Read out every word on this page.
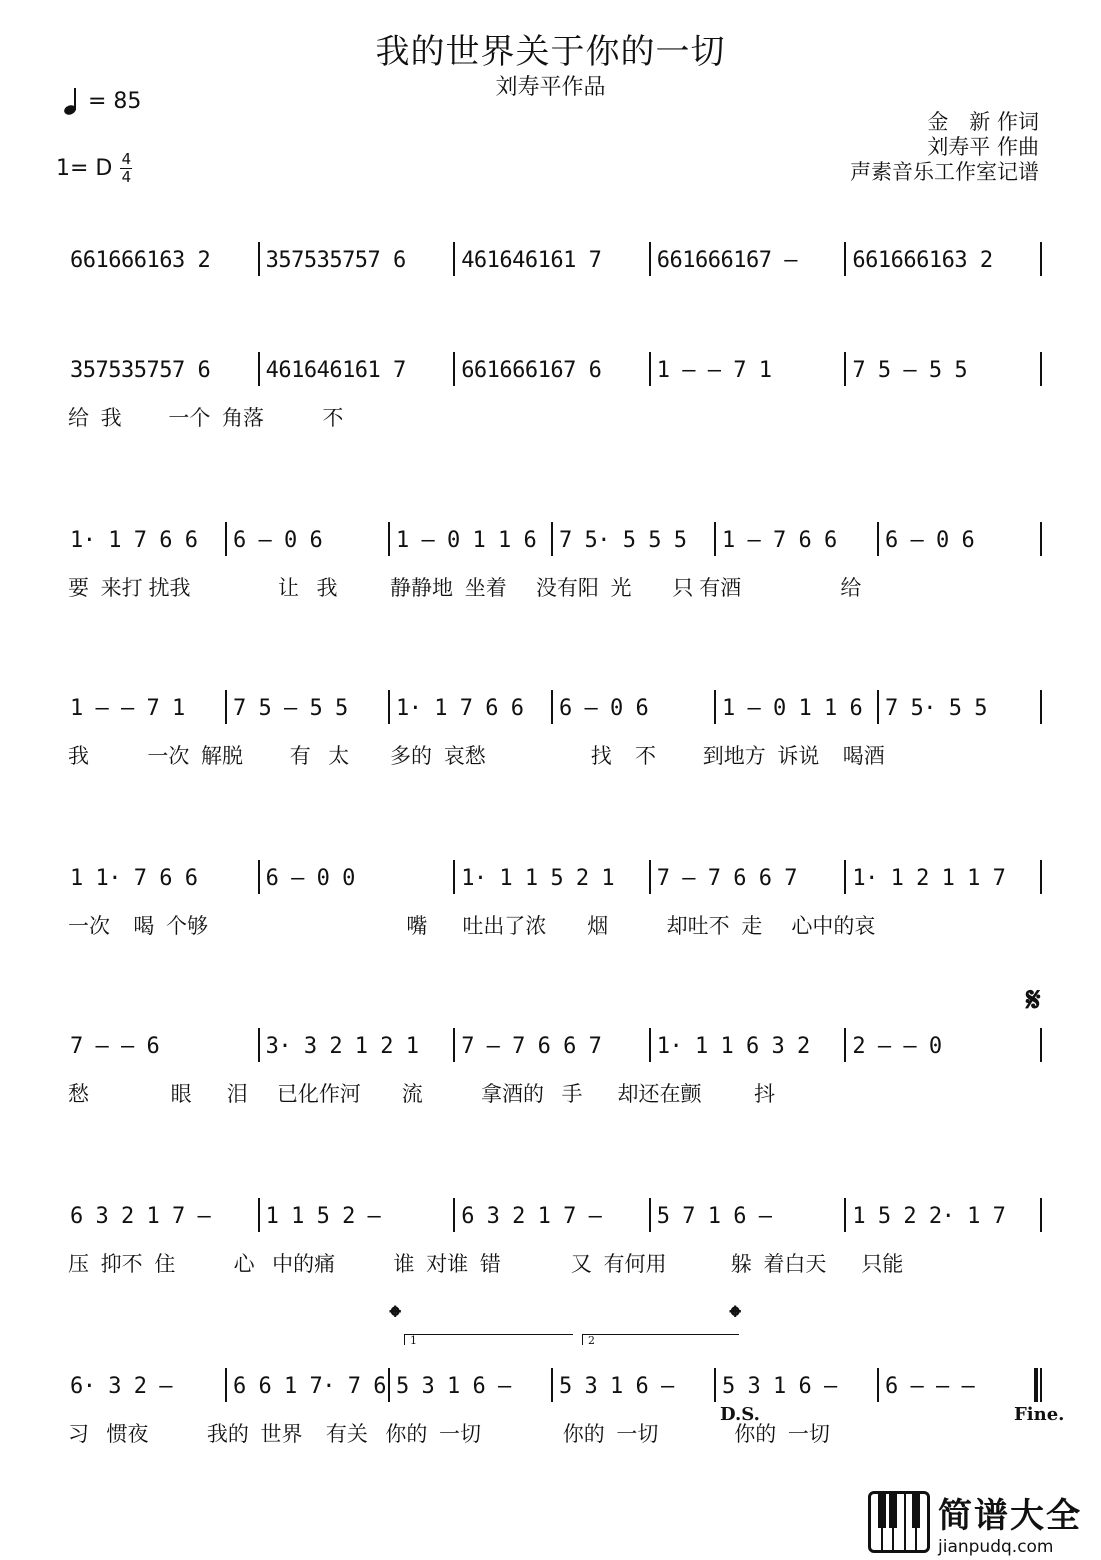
我的世界关于你的一切
刘寿平作品
= 85
1= D $\frac{4}{4}$
金　新 作词
刘寿平 作曲
声素音乐工作室记谱
661666163 2	357535757 6	461646161 7	661666167 –	661666163 2
357535757 6	461646161 7	661666167 6	1 – – 7 1	7 5 – 5 5
给  我        一个  角落          不
1· 1 7 6 6	6 – 0 6	1 – 0 1 1 6	7 5· 5 5 5	1 – 7 6 6	6 – 0 6
要  来打 扰我               让   我         静静地  坐着     没有阳  光       只 有酒                 给
1 – – 7 1	7 5 – 5 5	1· 1 7 6 6	6 – 0 6	1 – 0 1 1 6	7 5· 5 5
我          一次  解脱        有   太       多的  哀愁                  找    不        到地方  诉说    喝酒
1 1· 7 6 6	6 – 0 0	1· 1 1 5 2 1	7 – 7 6 6 7	1· 1 2 1 1 7
一次    喝  个够                                  嘴      吐出了浓       烟          却吐不  走     心中的哀
7 – – 6	3· 3 2 1 2 1	7 – 7 6 6 7	1· 1 1 6 3 2	2 – – 0
愁              眼      泪     已化作河       流          拿酒的   手      却还在颤         抖
6 3 2 1 7 –	1 1 5 2 –	6 3 2 1 7 –	5 7 1 6 –	1 5 2 2· 1 7
压  抑不  住          心   中的痛          谁  对谁  错            又  有何用           躲  着白天      只能
6· 3 2 –	6 6 1 7· 7 6 5 3 1 6 –	5 3 1 6 –	5 3 1 6 –	6 – – –
习   惯夜          我的  世界    有关   你的  一切              你的  一切             你的  一切
𝄋
𝄌	𝄌
1	2
D.S.	Fine.
简谱大全
jianpudq.com
